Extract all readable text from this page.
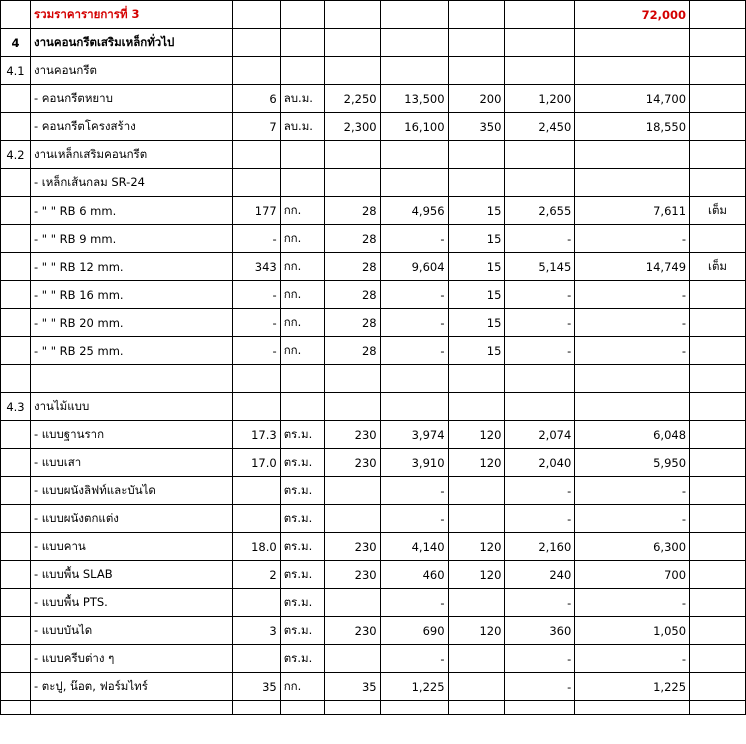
	รวมราคารายการที่ 3							72,000	
4	งานคอนกรีตเสริมเหล็กทั่วไป								
4.1	งานคอนกรีต								
	- คอนกรีตหยาบ	6	ลบ.ม.	2,250	13,500	200	1,200	14,700	
	- คอนกรีตโครงสร้าง	7	ลบ.ม.	2,300	16,100	350	2,450	18,550	
4.2	งานเหล็กเสริมคอนกรีต								
	- เหล็กเส้นกลม SR-24								
	- " " RB 6 mm.	177	กก.	28	4,956	15	2,655	7,611	เต็ม
	- " " RB 9 mm.	-	กก.	28	-	15	-	-	
	- " " RB 12 mm.	343	กก.	28	9,604	15	5,145	14,749	เต็ม
	- " " RB 16 mm.	-	กก.	28	-	15	-	-	
	- " " RB 20 mm.	-	กก.	28	-	15	-	-	
	- " " RB 25 mm.	-	กก.	28	-	15	-	-	

4.3	งานไม้แบบ								
	- แบบฐานราก	17.3	ตร.ม.	230	3,974	120	2,074	6,048	
	- แบบเสา	17.0	ตร.ม.	230	3,910	120	2,040	5,950	
	- แบบผนังลิฟท์และบันได		ตร.ม.		-		-	-	
	- แบบผนังตกแต่ง		ตร.ม.		-		-	-	
	- แบบคาน	18.0	ตร.ม.	230	4,140	120	2,160	6,300	
	- แบบพื้น SLAB	2	ตร.ม.	230	460	120	240	700	
	- แบบพื้น PTS.		ตร.ม.		-		-	-	
	- แบบบันได	3	ตร.ม.	230	690	120	360	1,050	
	- แบบครีบต่าง ๆ		ตร.ม.		-		-	-	
	- ตะปู, น๊อต, ฟอร์มไทร์	35	กก.	35	1,225		-	1,225	
